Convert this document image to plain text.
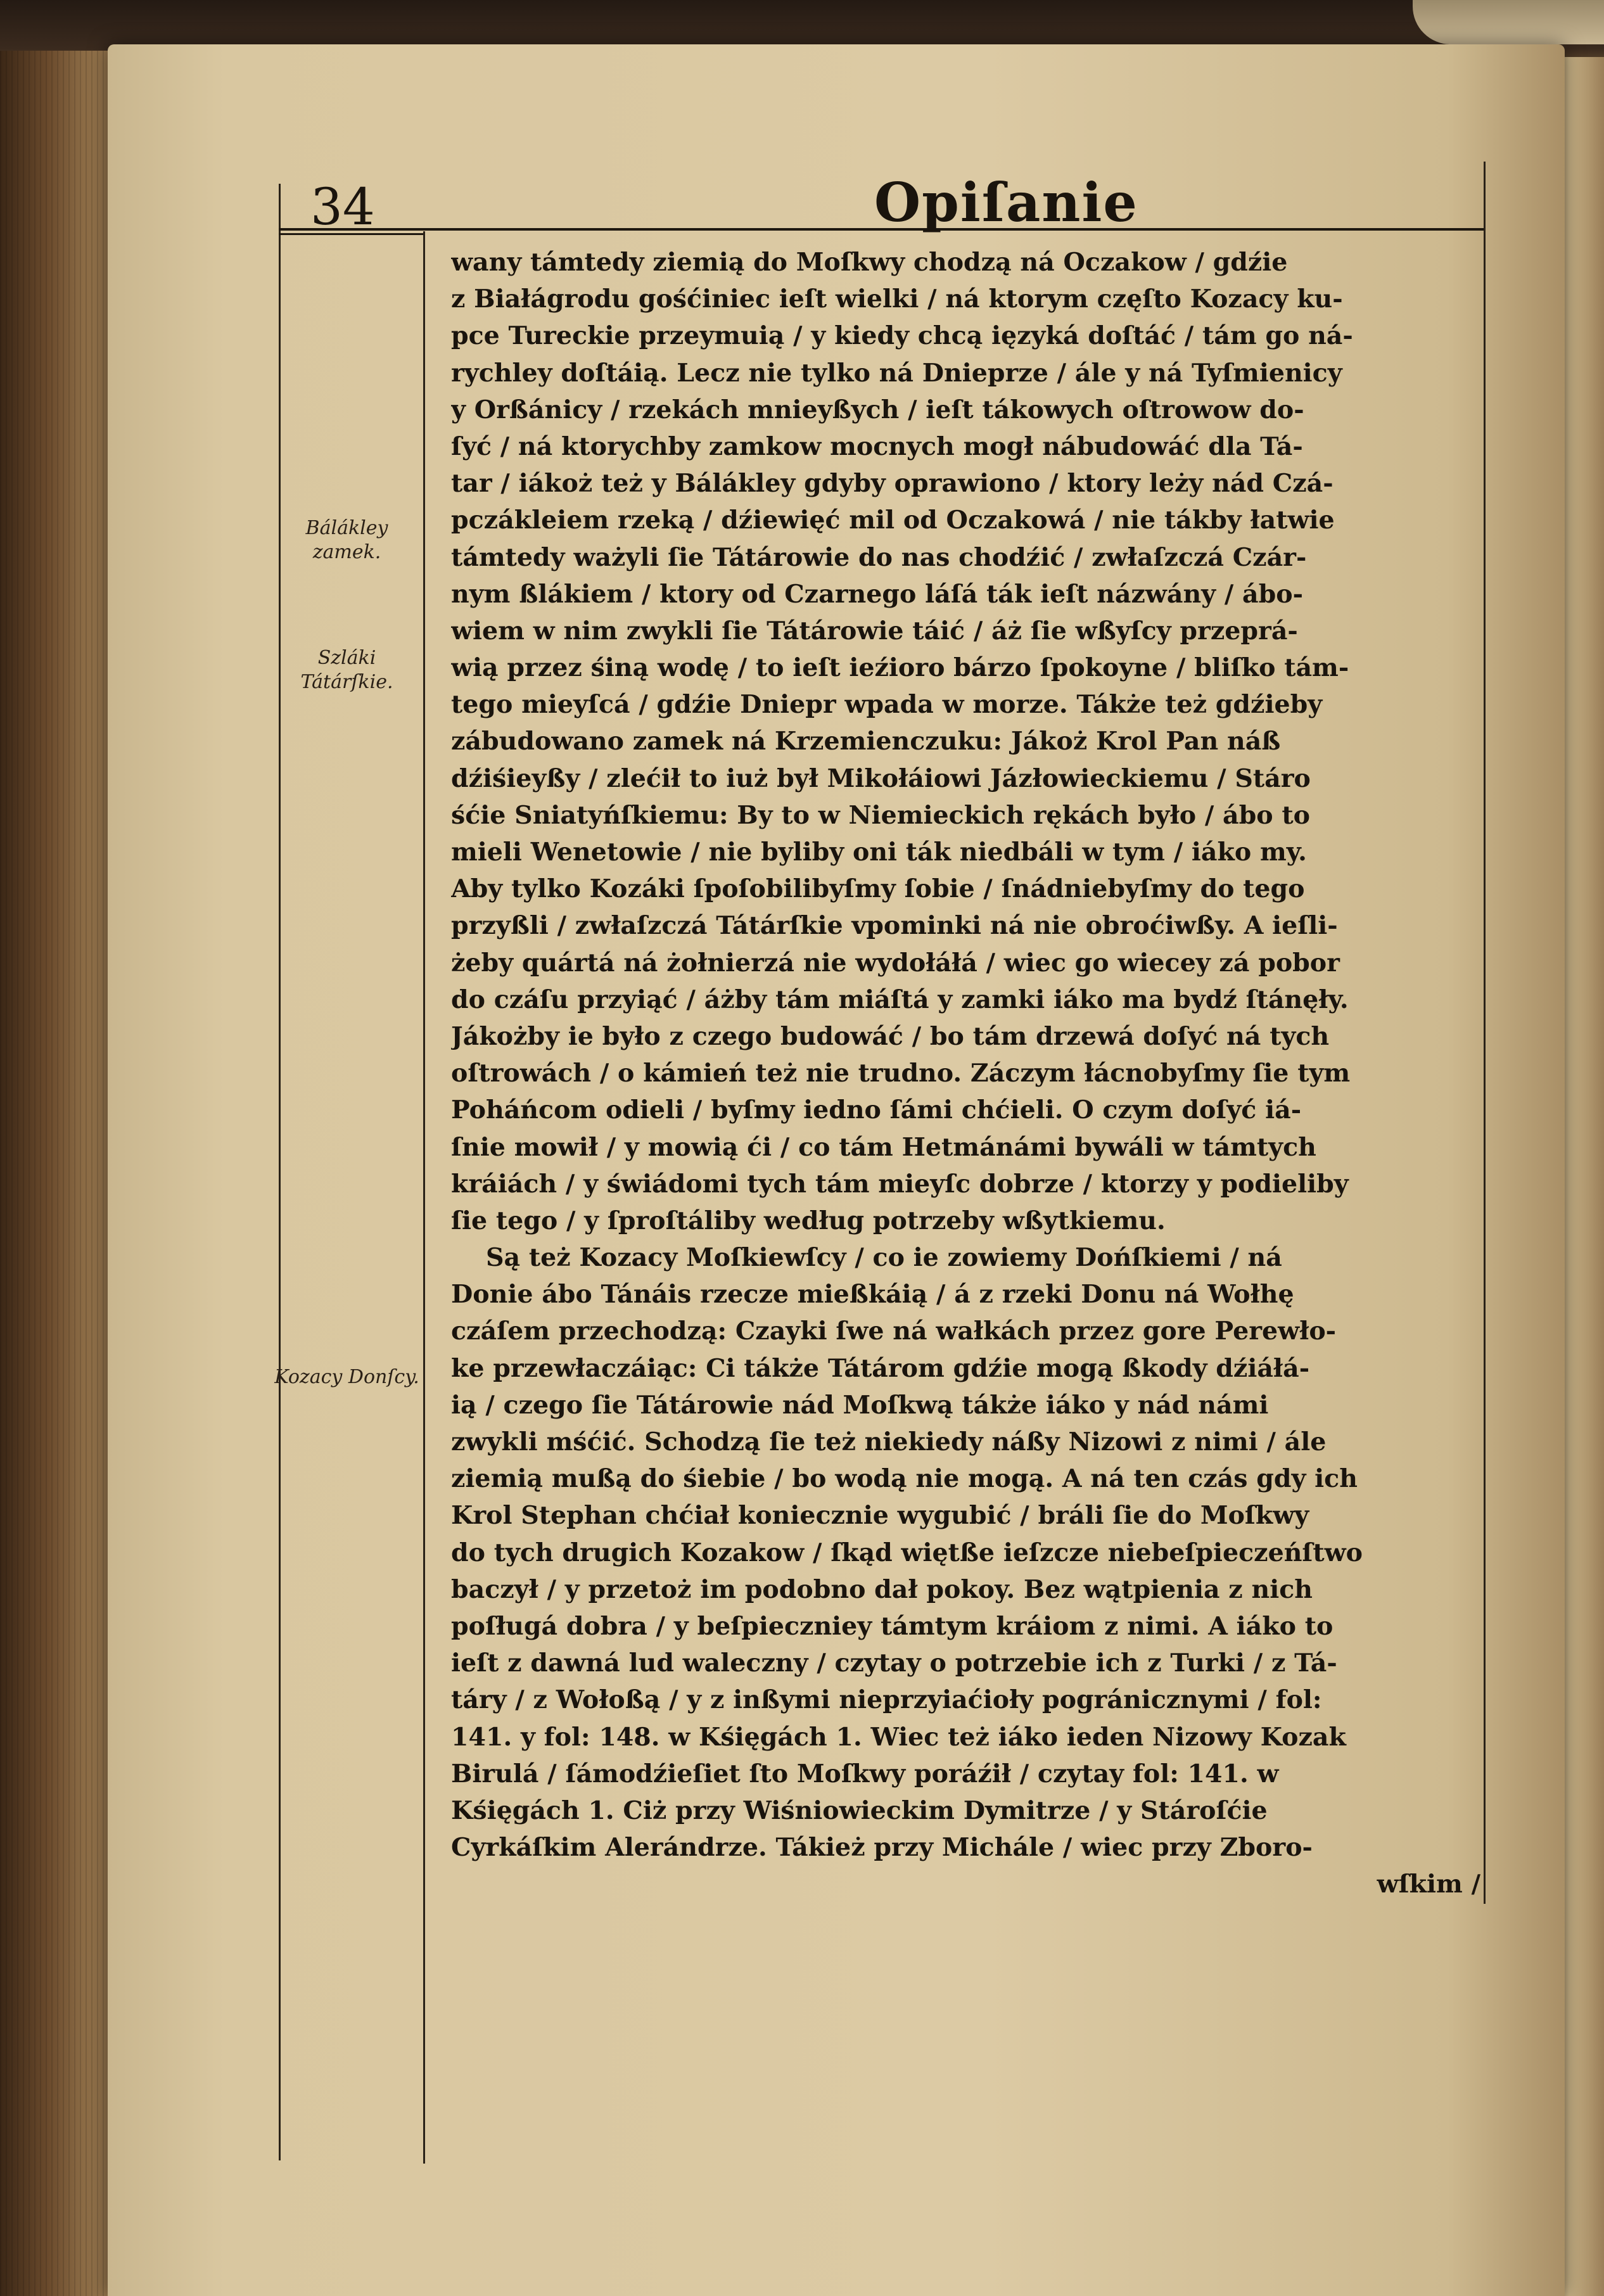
34	Opiſanie
Bálákley zamek.
Szláki Tátárſkie.
Kozacy Donſcy.
wany támtedy ziemią do Moſkwy chodzą ná Oczakow / gdźie
z Białágrodu gośćiniec ieſt wielki / ná ktorym częſto Kozacy ku-
pce Tureckie przeymuią / y kiedy chcą ięzyká doſtáć / tám go ná-
rychley doſtáią. Lecz nie tylko ná Dnieprze / ále y ná Tyſmienicy
y Orßánicy / rzekách mnieyßych / ieſt tákowych oſtrowow do-
ſyć / ná ktorychby zamkow mocnych mogł nábudowáć dla Tá-
tar / iákoż też y Bálákley gdyby oprawiono / ktory leży nád Czá-
pczákleiem rzeką / dźiewięć mil od Oczakowá / nie tákby łatwie
támtedy ważyli ſie Tátárowie do nas chodźić / zwłaſzczá Czár-
nym ßlákiem / ktory od Czarnego láſá ták ieſt názwány / ábo-
wiem w nim zwykli ſie Tátárowie táić / áż ſie wßyſcy przeprá-
wią przez śiną wodę / to ieſt ieźioro bárzo ſpokoyne / bliſko tám-
tego mieyſcá / gdźie Dniepr wpada w morze. Tákże też gdźieby
zábudowano zamek ná Krzemienczuku: Jákoż Krol Pan náß
dźiśieyßy / zlećił to iuż był Mikołáiowi Jázłowieckiemu / Stáro
śćie Sniatyńſkiemu: By to w Niemieckich rękách było / ábo to
mieli Wenetowie / nie byliby oni ták niedbáli w tym / iáko my.
Aby tylko Kozáki ſpoſobilibyſmy ſobie / ſnádniebyſmy do tego
przyßli / zwłaſzczá Tátárſkie vpominki ná nie obroćiwßy. A ieſli-
żeby quártá ná żołnierzá nie wydołáłá / wiec go wiecey zá pobor
do czáſu przyiąć / áżby tám miáſtá y zamki iáko ma bydź ſtánęły.
Jákożby ie było z czego budowáć / bo tám drzewá doſyć ná tych
oſtrowách / o kámień też nie trudno. Záczym łácnobyſmy ſie tym
Poháńcom odieli / byſmy iedno ſámi chćieli. O czym doſyć iá-
ſnie mowił / y mowią ći / co tám Hetmánámi bywáli w támtych
kráiách / y świádomi tych tám mieyſc dobrze / ktorzy y podieliby
ſie tego / y ſproſtáliby według potrzeby wßytkiemu.
Są też Kozacy Moſkiewſcy / co ie zowiemy Dońſkiemi / ná
Donie ábo Tánáis rzecze mießkáią / á z rzeki Donu ná Wołhę
czáſem przechodzą: Czayki ſwe ná wałkách przez gore Perewło-
ke przewłaczáiąc: Ci tákże Tátárom gdźie mogą ßkody dźiáłá-
ią / czego ſie Tátárowie nád Moſkwą tákże iáko y nád námi
zwykli mśćić. Schodzą ſie też niekiedy náßy Nizowi z nimi / ále
ziemią mußą do śiebie / bo wodą nie mogą. A ná ten czás gdy ich
Krol Stephan chćiał koniecznie wygubić / bráli ſie do Moſkwy
do tych drugich Kozakow / ſkąd więtße ieſzcze niebeſpieczeńſtwo
baczył / y przetoż im podobno dał pokoy. Bez wątpienia z nich
poſługá dobra / y beſpieczniey támtym kráiom z nimi. A iáko to
ieſt z dawná lud waleczny / czytay o potrzebie ich z Turki / z Tá-
táry / z Wołoßą / y z inßymi nieprzyiaćioły pogránicznymi / fol:
141. y fol: 148. w Kśięgách 1. Wiec też iáko ieden Nizowy Kozak
Birulá / ſámodźieſiet ſto Moſkwy poráźił / czytay fol: 141. w
Kśięgách 1. Ciż przy Wiśniowieckim Dymitrze / y Stároſćie
Cyrkáſkim Alerándrze. Tákież przy Michále / wiec przy Zboro-
wſkim /
